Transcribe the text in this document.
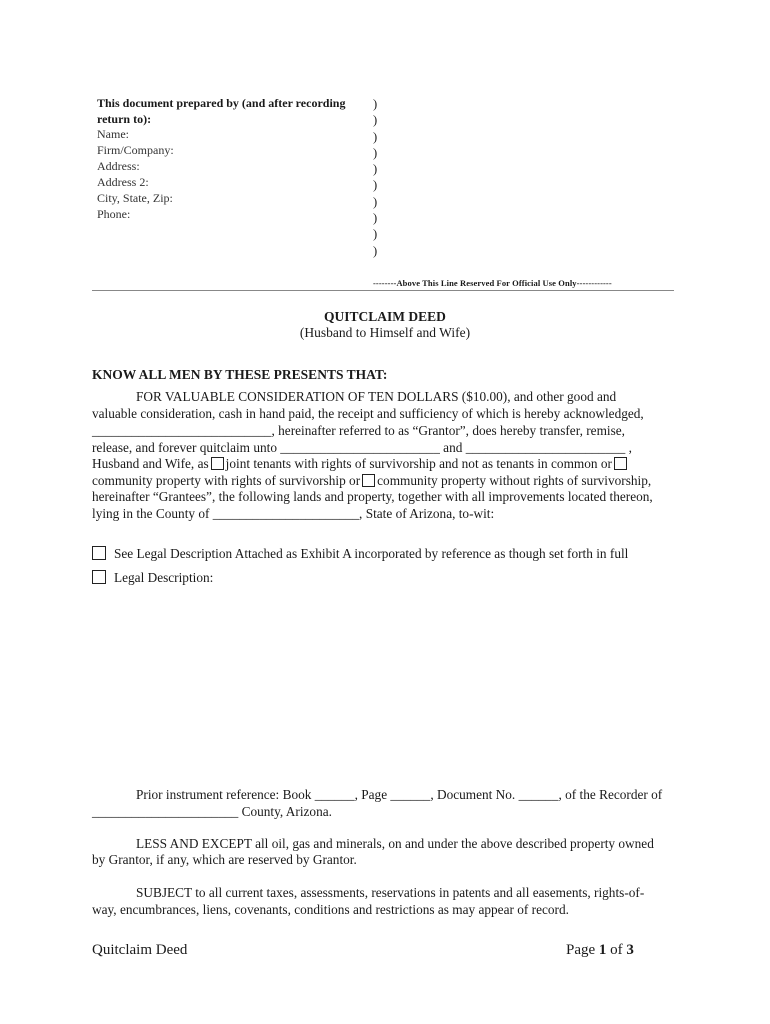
This document prepared by (and after recording
return to):
Name:
Firm/Company:
Address:
Address 2:
City, State, Zip:
Phone:
)
)
)
)
)
)
)
)
)
)
--------Above This Line Reserved For Official Use Only------------
QUITCLAIM DEED
(Husband to Himself and Wife)
KNOW ALL MEN BY THESE PRESENTS THAT:
FOR VALUABLE CONSIDERATION OF TEN DOLLARS ($10.00), and other good and
valuable consideration, cash in hand paid, the receipt and sufficiency of which is hereby acknowledged,
___________________________, hereinafter referred to as “Grantor”, does hereby transfer, remise,
release, and forever quitclaim unto ________________________ and ________________________ ,
Husband and Wife, as joint tenants with rights of survivorship and not as tenants in common or
community property with rights of survivorship or community property without rights of survivorship,
hereinafter “Grantees”, the following lands and property, together with all improvements located thereon,
lying in the County of ______________________, State of Arizona, to-wit:
See Legal Description Attached as Exhibit A incorporated by reference as though set forth in full
Legal Description:
Prior instrument reference: Book ______, Page ______, Document No. ______, of the Recorder of
______________________ County, Arizona.
LESS AND EXCEPT all oil, gas and minerals, on and under the above described property owned
by Grantor, if any, which are reserved by Grantor.
SUBJECT to all current taxes, assessments, reservations in patents and all easements, rights-of-
way, encumbrances, liens, covenants, conditions and restrictions as may appear of record.
Quitclaim Deed	Page 1 of 3
